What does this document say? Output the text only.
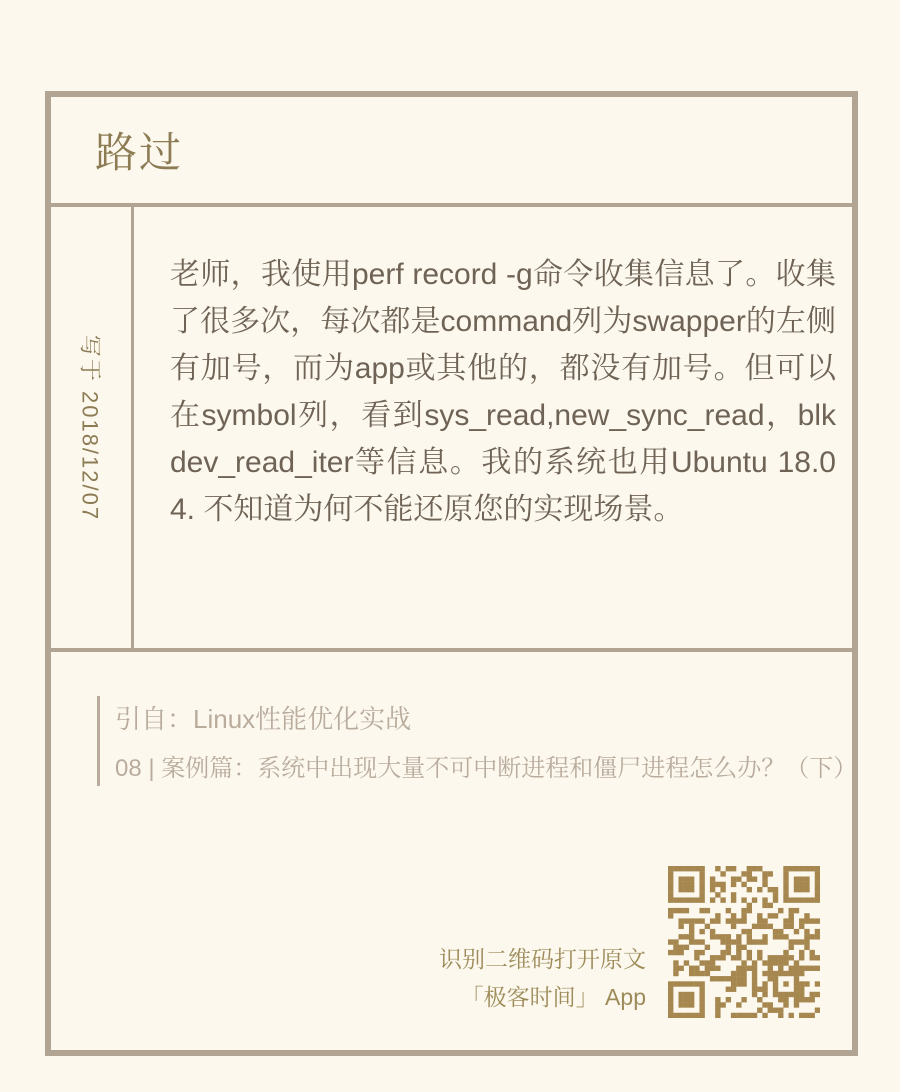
路过
写于 2018/12/07
老师，我使用perf record -g命令收集信息了。收集了很多次，每次都是command列为swapper的左侧有加号，而为app或其他的，都没有加号。但可以在symbol列，看到sys_read,new_sync_read，blkdev_read_iter等信息。我的系统也用Ubuntu 18.04. 不知道为何不能还原您的实现场景。
引自：Linux性能优化实战
08 | 案例篇：系统中出现大量不可中断进程和僵尸进程怎么办？（下）
识别二维码打开原文
「极客时间」 App
